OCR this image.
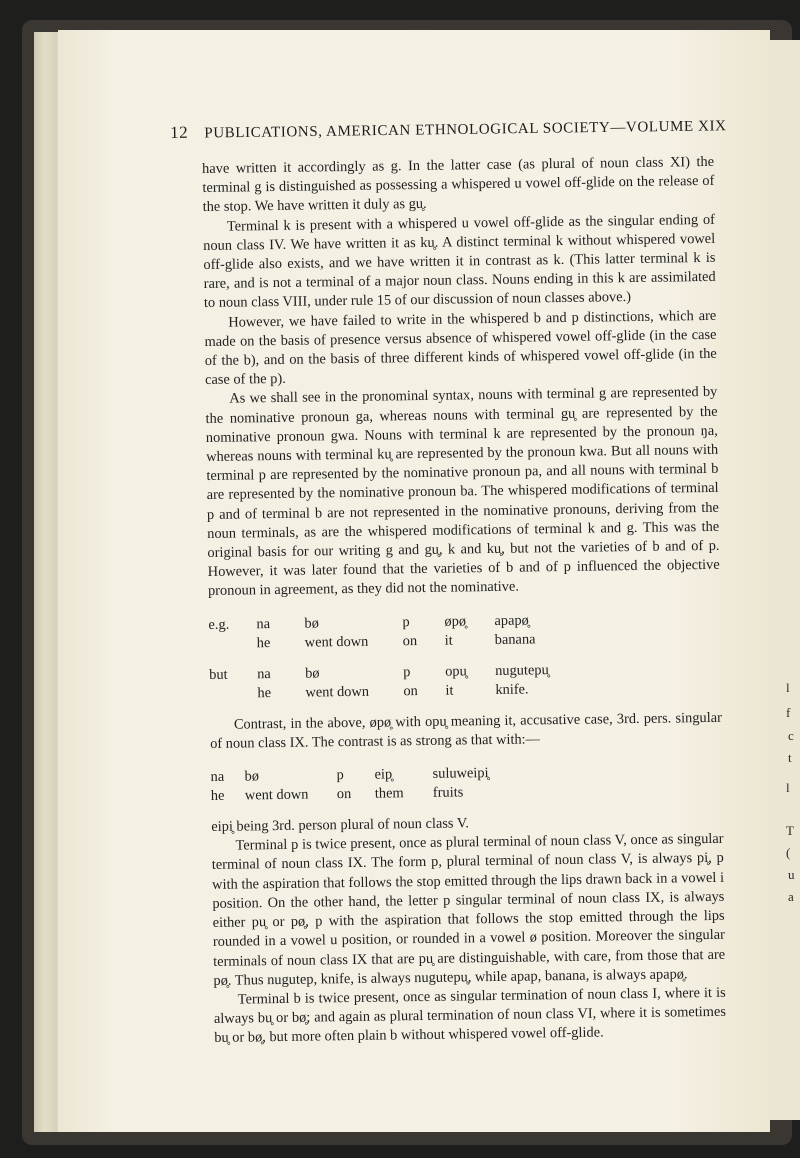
l
f
c
t
l
T
(
u
a
12 PUBLICATIONS, AMERICAN ETHNOLOGICAL SOCIETY—VOLUME XIX

have written it accordingly as g. In the latter case (as plural of noun class XI) the terminal g is distinguished as possessing a whispered u vowel off-glide on the release of the stop. We have written it duly as gu̥.

Terminal k is present with a whispered u vowel off-glide as the singular ending of noun class IV. We have written it as ku̥. A distinct terminal k without whispered vowel off-glide also exists, and we have written it in contrast as k. (This latter terminal k is rare, and is not a terminal of a major noun class. Nouns ending in this k are assimilated to noun class VIII, under rule 15 of our discussion of noun classes above.)

However, we have failed to write in the whispered b and p distinctions, which are made on the basis of presence versus absence of whispered vowel off-glide (in the case of the b), and on the basis of three different kinds of whispered vowel off-glide (in the case of the p).

As we shall see in the pronominal syntax, nouns with terminal g are represented by the nominative pronoun ga, whereas nouns with terminal gu̥ are represented by the nominative pronoun gwa. Nouns with terminal k are represented by the pronoun ŋa, whereas nouns with terminal ku̥ are represented by the pronoun kwa. But all nouns with terminal p are represented by the nominative pronoun pa, and all nouns with terminal b are represented by the nominative pronoun ba. The whispered modifications of terminal p and of terminal b are not represented in the nominative pronouns, deriving from the noun terminals, as are the whispered modifications of terminal k and g. This was the original basis for our writing g and gu̥, k and ku̥, but not the varieties of b and of p. However, it was later found that the varieties of b and of p influenced the objective pronoun in agreement, as they did not the nominative.

e.g.	na	bø	p	øpø̥	apapø̥
he	went down	on	it	banana
but	na	bø	p	opu̥	nugutepu̥
he	went down	on	it	knife.

Contrast, in the above, øpø̥ with opu̥ meaning it, accusative case, 3rd. pers. singular of noun class IX. The contrast is as strong as that with:—

na	bø	p	eip̥	suluweipi̥
he	went down	on	them	fruits

eipi̥ being 3rd. person plural of noun class V.

Terminal p is twice present, once as plural terminal of noun class V, once as singular terminal of noun class IX. The form p, plural terminal of noun class V, is always pi̥, p with the aspiration that follows the stop emitted through the lips drawn back in a vowel i position. On the other hand, the letter p singular terminal of noun class IX, is always either pu̥ or pø̥, p with the aspiration that follows the stop emitted through the lips rounded in a vowel u position, or rounded in a vowel ø position. Moreover the singular terminals of noun class IX that are pu̥ are distinguishable, with care, from those that are pø̥. Thus nugutep, knife, is always nugutepu̥, while apap, banana, is always apapø̥.

Terminal b is twice present, once as singular termination of noun class I, where it is always bu̥ or bø̥; and again as plural termination of noun class VI, where it is sometimes bu̥ or bø̥, but more often plain b without whispered vowel off-glide.
